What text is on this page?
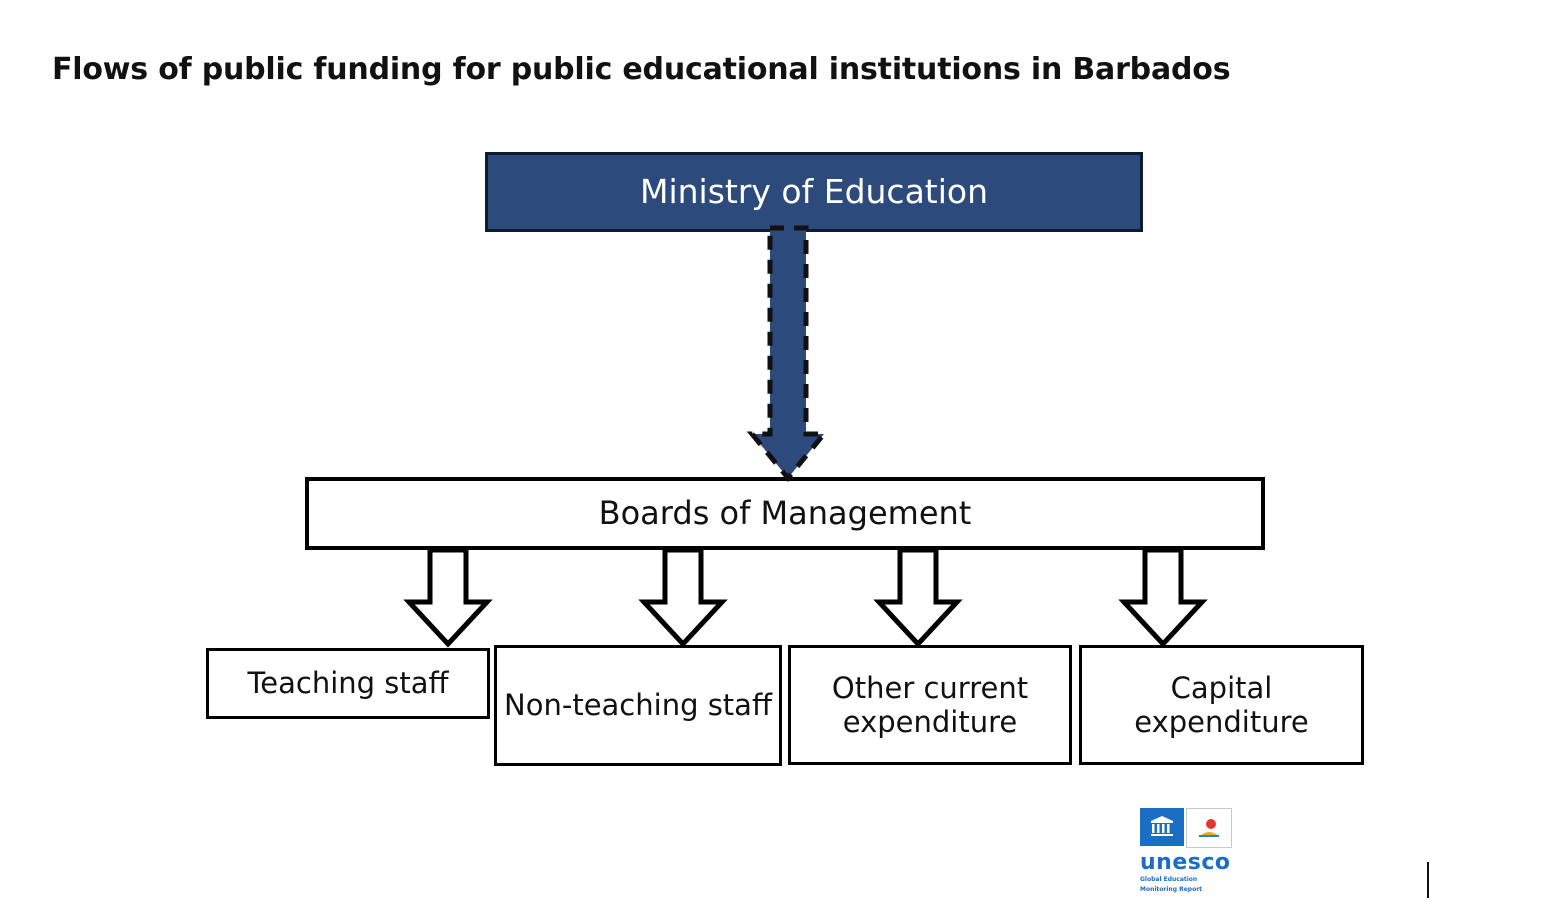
Flows of public funding for public educational institutions in Barbados
Ministry of Education
Boards of Management
Teaching staff
Non-teaching staff
Other current expenditure
Capital expenditure
unesco
Global Education
Monitoring Report
